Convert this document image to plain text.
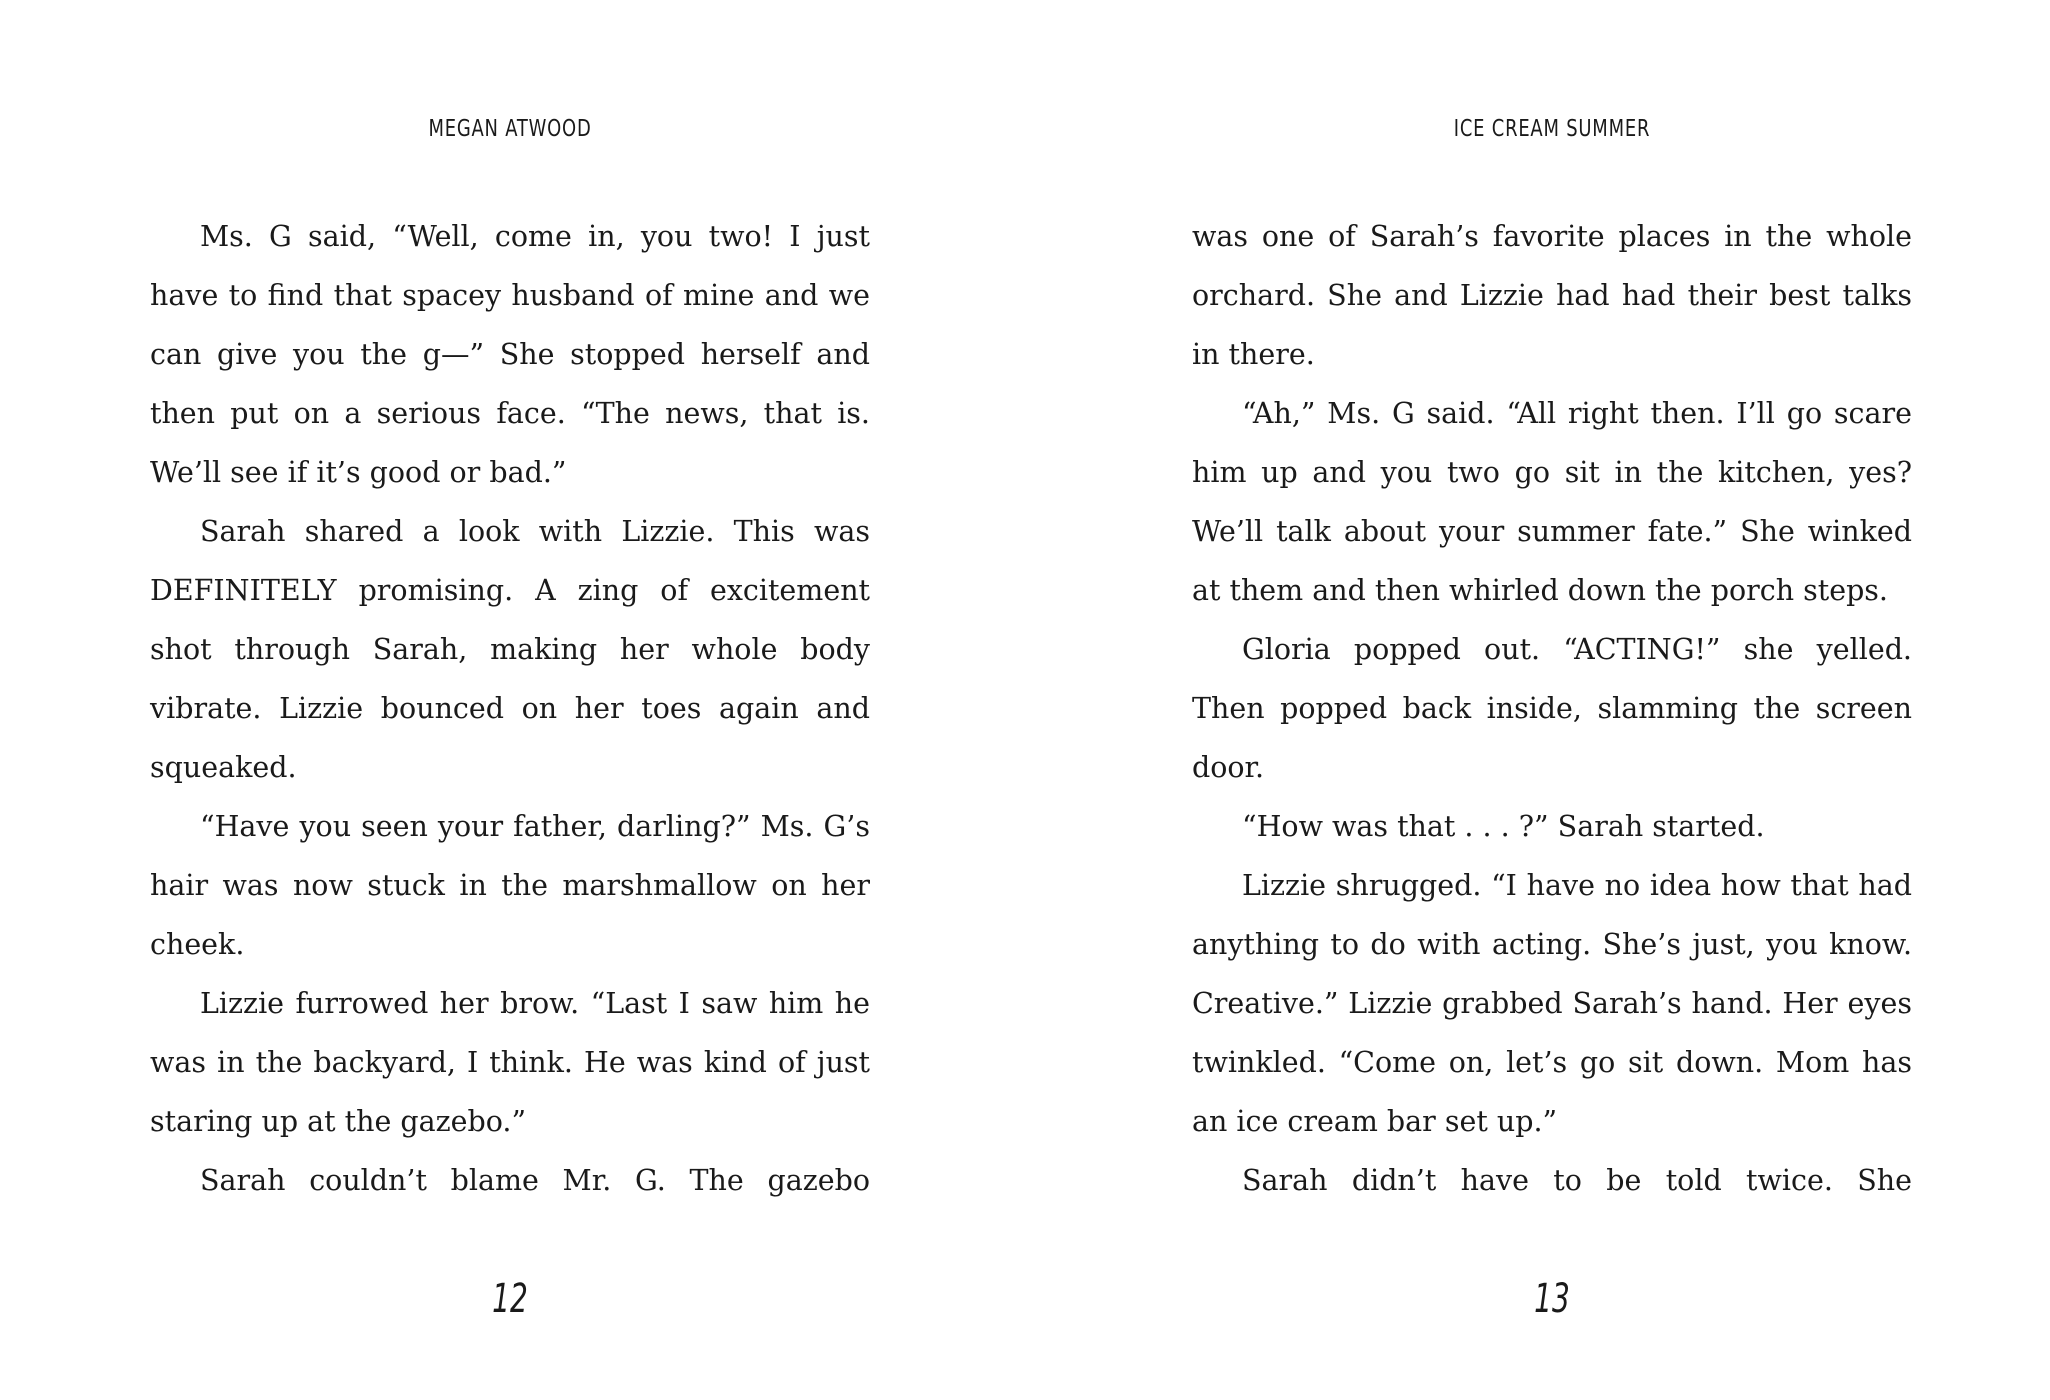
MEGAN ATWOOD

Ms. G said, “Well, come in, you two! I just have to find that spacey husband of mine and we can give you the g—” She stopped herself and then put on a serious face. “The news, that is. We’ll see if it’s good or bad.”

Sarah shared a look with Lizzie. This was DEFINITELY promising. A zing of excitement shot through Sarah, making her whole body vibrate. Lizzie bounced on her toes again and squeaked.

“Have you seen your father, darling?” Ms. G’s hair was now stuck in the marshmallow on her cheek.

Lizzie furrowed her brow. “Last I saw him he was in the backyard, I think. He was kind of just staring up at the gazebo.”

Sarah couldn’t blame Mr. G. The gazebo

12
ICE CREAM SUMMER

was one of Sarah’s favorite places in the whole orchard. She and Lizzie had had their best talks in there.

“Ah,” Ms. G said. “All right then. I’ll go scare him up and you two go sit in the kitchen, yes? We’ll talk about your summer fate.” She winked at them and then whirled down the porch steps.

Gloria popped out. “ACTING!” she yelled. Then popped back inside, slamming the screen door.

“How was that . . . ?” Sarah started.

Lizzie shrugged. “I have no idea how that had anything to do with acting. She’s just, you know. Creative.” Lizzie grabbed Sarah’s hand. Her eyes twinkled. “Come on, let’s go sit down. Mom has an ice cream bar set up.”

Sarah didn’t have to be told twice. She

13
